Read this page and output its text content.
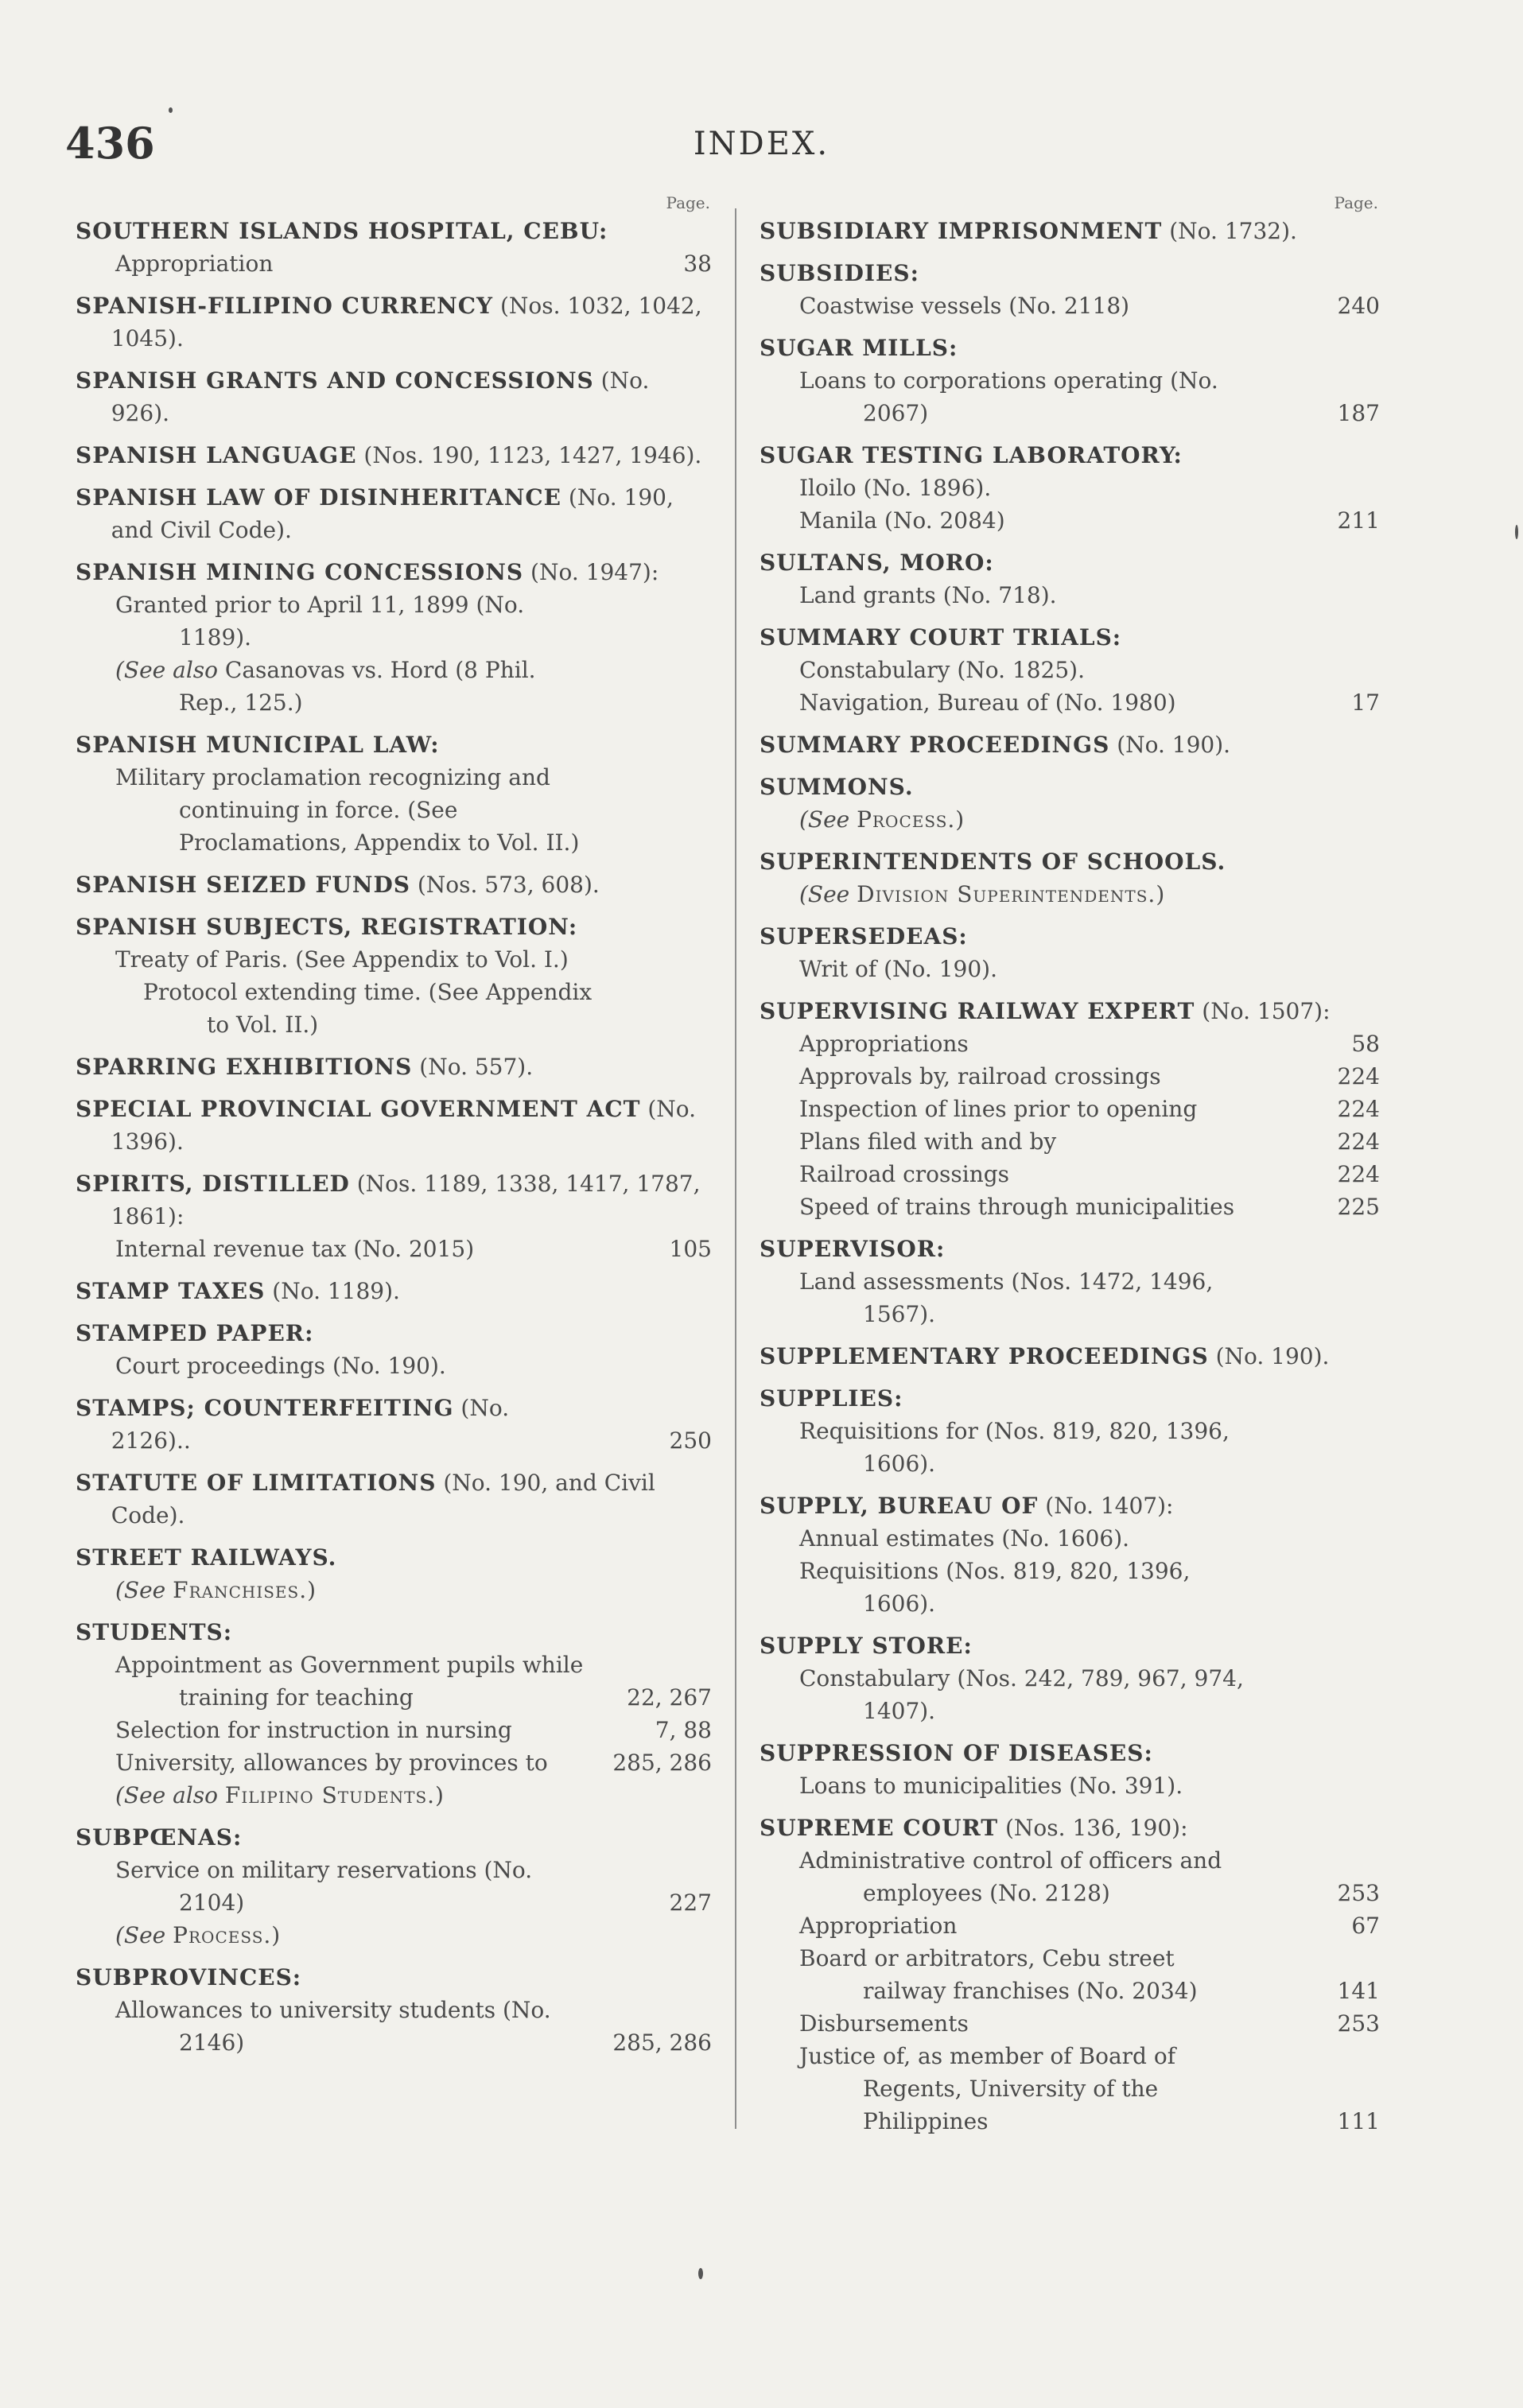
436	INDEX.
Page.
SOUTHERN ISLANDS HOSPITAL, CEBU:
Appropriation	38
SPANISH-FILIPINO CURRENCY (Nos. 1032, 1042, 1045).
SPANISH GRANTS AND CONCESSIONS (No. 926).
SPANISH LANGUAGE (Nos. 190, 1123, 1427, 1946).
SPANISH LAW OF DISINHERITANCE (No. 190, and Civil Code).
SPANISH MINING CONCESSIONS (No. 1947):
Granted prior to April 11, 1899 (No. 1189).
(See also Casanovas vs. Hord (8 Phil. Rep., 125.)
SPANISH MUNICIPAL LAW:
Military proclamation recognizing and continuing in force. (See Proclamations, Appendix to Vol. II.)
SPANISH SEIZED FUNDS (Nos. 573, 608).
SPANISH SUBJECTS, REGISTRATION:
Treaty of Paris. (See Appendix to Vol. I.)
Protocol extending time. (See Appendix to Vol. II.)
SPARRING EXHIBITIONS (No. 557).
SPECIAL PROVINCIAL GOVERNMENT ACT (No. 1396).
SPIRITS, DISTILLED (Nos. 1189, 1338, 1417, 1787, 1861):
Internal revenue tax (No. 2015)	105
STAMP TAXES (No. 1189).
STAMPED PAPER:
Court proceedings (No. 190).
STAMPS; COUNTERFEITING (No. 2126)..	250
STATUTE OF LIMITATIONS (No. 190, and Civil Code).
STREET RAILWAYS.
(See Franchises.)
STUDENTS:
Appointment as Government pupils while training for teaching	22, 267
Selection for instruction in nursing	7, 88
University, allowances by provinces to	285, 286
(See also Filipino Students.)
SUBPŒNAS:
Service on military reservations (No. 2104)	227
(See Process.)
SUBPROVINCES:
Allowances to university students (No. 2146)	285, 286
Page.
SUBSIDIARY IMPRISONMENT (No. 1732).
SUBSIDIES:
Coastwise vessels (No. 2118)	240
SUGAR MILLS:
Loans to corporations operating (No. 2067)	187
SUGAR TESTING LABORATORY:
Iloilo (No. 1896).
Manila (No. 2084)	211
SULTANS, MORO:
Land grants (No. 718).
SUMMARY COURT TRIALS:
Constabulary (No. 1825).
Navigation, Bureau of (No. 1980)	17
SUMMARY PROCEEDINGS (No. 190).
SUMMONS.
(See Process.)
SUPERINTENDENTS OF SCHOOLS.
(See Division Superintendents.)
SUPERSEDEAS:
Writ of (No. 190).
SUPERVISING RAILWAY EXPERT (No. 1507):
Appropriations	58
Approvals by, railroad crossings	224
Inspection of lines prior to opening	224
Plans filed with and by	224
Railroad crossings	224
Speed of trains through municipalities	225
SUPERVISOR:
Land assessments (Nos. 1472, 1496, 1567).
SUPPLEMENTARY PROCEEDINGS (No. 190).
SUPPLIES:
Requisitions for (Nos. 819, 820, 1396, 1606).
SUPPLY, BUREAU OF (No. 1407):
Annual estimates (No. 1606).
Requisitions (Nos. 819, 820, 1396, 1606).
SUPPLY STORE:
Constabulary (Nos. 242, 789, 967, 974, 1407).
SUPPRESSION OF DISEASES:
Loans to municipalities (No. 391).
SUPREME COURT (Nos. 136, 190):
Administrative control of officers and employees (No. 2128)	253
Appropriation	67
Board or arbitrators, Cebu street railway franchises (No. 2034)	141
Disbursements	253
Justice of, as member of Board of Regents, University of the Philippines	111
